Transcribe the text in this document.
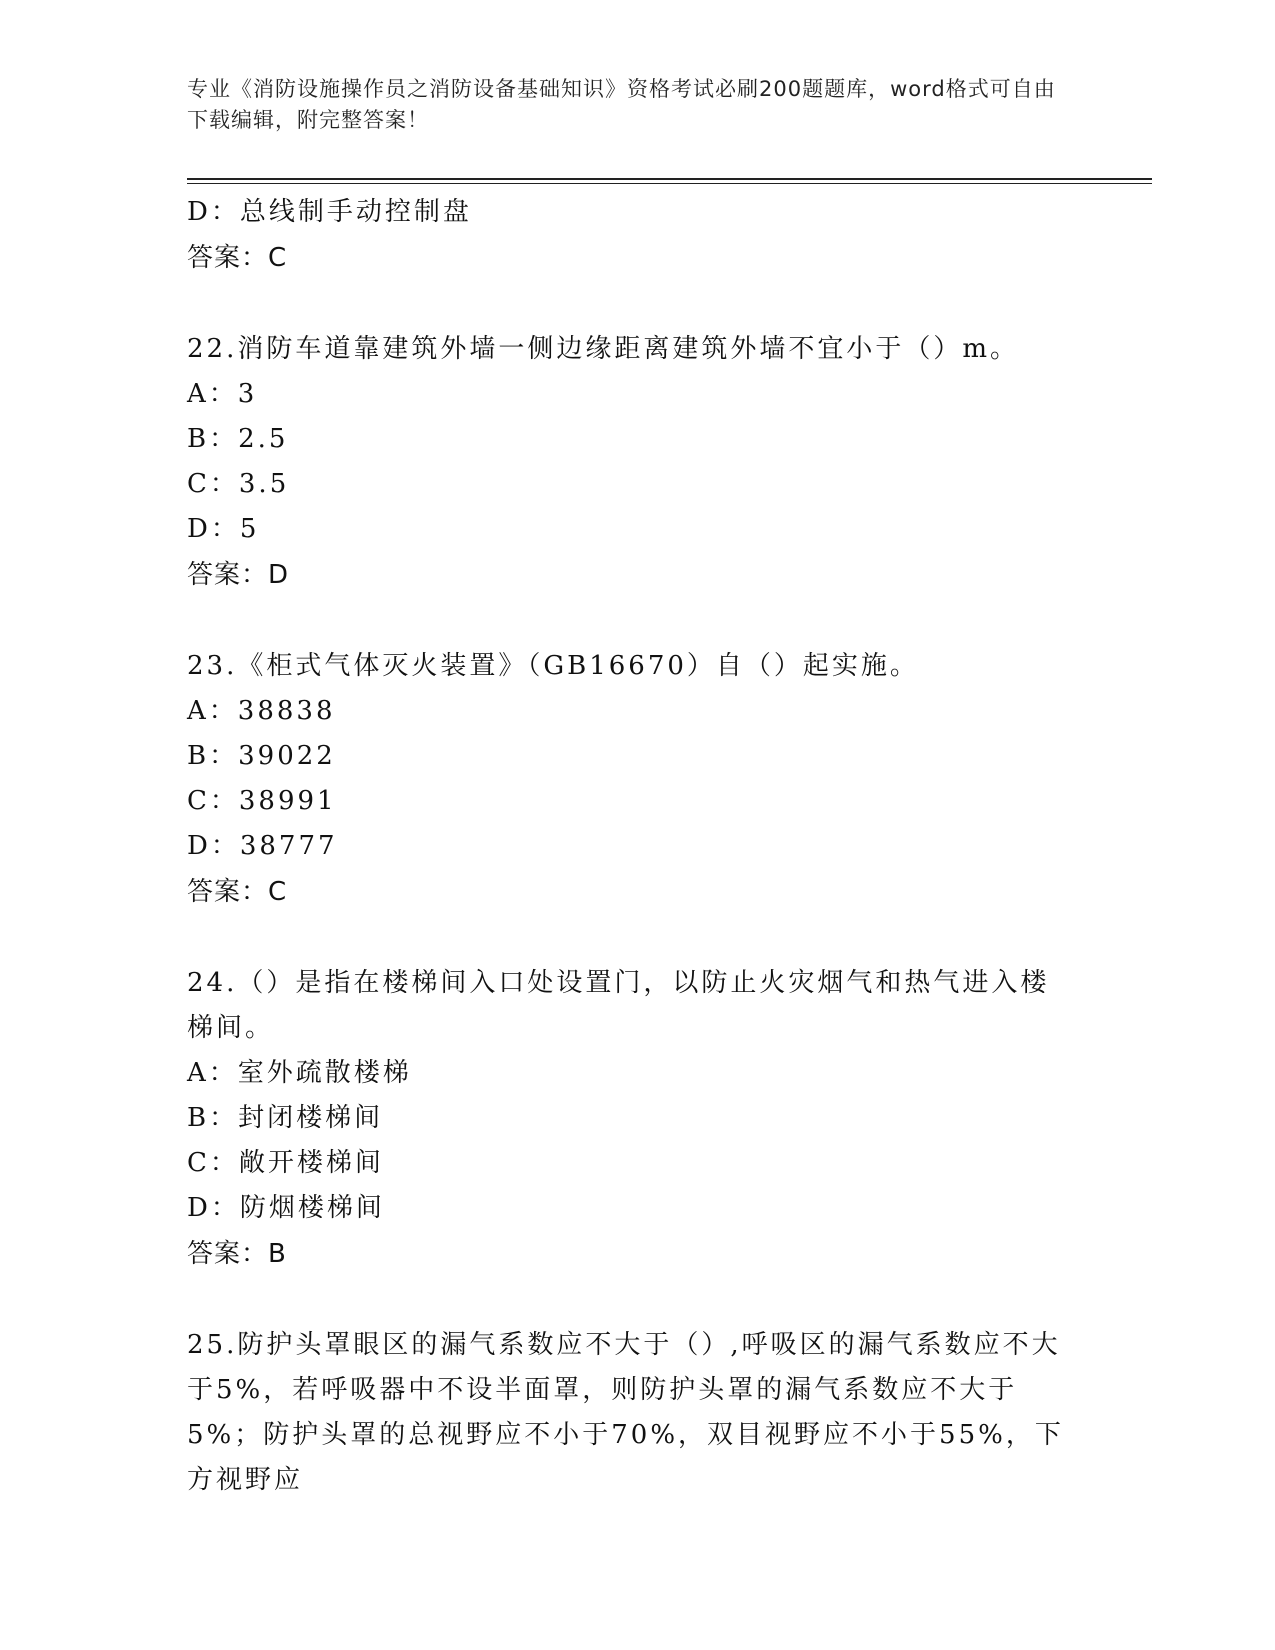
专业《消防设施操作员之消防设备基础知识》资格考试必刷200题题库，word格式可自由下载编辑，附完整答案！
D：总线制手动控制盘
答案：C
22.消防车道靠建筑外墙一侧边缘距离建筑外墙不宜小于（）m。
A：3
B：2.5
C：3.5
D：5
答案：D
23.《柜式气体灭火装置》（GB16670）自（）起实施。
A：38838
B：39022
C：38991
D：38777
答案：C
24.（）是指在楼梯间入口处设置门，以防止火灾烟气和热气进入楼梯间。
A：室外疏散楼梯
B：封闭楼梯间
C：敞开楼梯间
D：防烟楼梯间
答案：B
25.防护头罩眼区的漏气系数应不大于（）,呼吸区的漏气系数应不大于5%，若呼吸器中不设半面罩，则防护头罩的漏气系数应不大于5%；防护头罩的总视野应不小于70%，双目视野应不小于55%，下方视野应
